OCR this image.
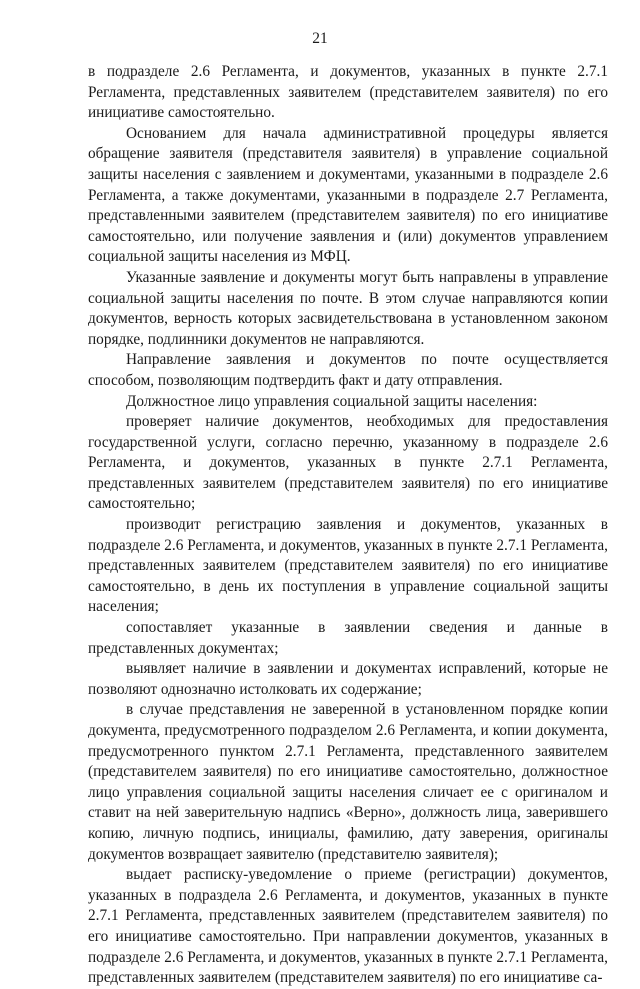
21

в подразделе 2.6 Регламента, и документов, указанных в пункте 2.7.1 Регламента, представленных заявителем (представителем заявителя) по его инициативе самостоятельно.

Основанием для начала административной процедуры является обращение заявителя (представителя заявителя) в управление социальной защиты населения с заявлением и документами, указанными в подразделе 2.6 Регламента, а также документами, указанными в подразделе 2.7 Регламента, представленными заявителем (представителем заявителя) по его инициативе самостоятельно, или получение заявления и (или) документов управлением социальной защиты населения из МФЦ.

Указанные заявление и документы могут быть направлены в управление социальной защиты населения по почте. В этом случае направляются копии документов, верность которых засвидетельствована в установленном законом порядке, подлинники документов не направляются.

Направление заявления и документов по почте осуществляется способом, позволяющим подтвердить факт и дату отправления.

Должностное лицо управления социальной защиты населения:

проверяет наличие документов, необходимых для предоставления государственной услуги, согласно перечню, указанному в подразделе 2.6 Регламента, и документов, указанных в пункте 2.7.1 Регламента, представленных заявителем (представителем заявителя) по его инициативе самостоятельно;

производит регистрацию заявления и документов, указанных в подразделе 2.6 Регламента, и документов, указанных в пункте 2.7.1 Регламента, представленных заявителем (представителем заявителя) по его инициативе самостоятельно, в день их поступления в управление социальной защиты населения;

сопоставляет указанные в заявлении сведения и данные в представленных документах;

выявляет наличие в заявлении и документах исправлений, которые не позволяют однозначно истолковать их содержание;

в случае представления не заверенной в установленном порядке копии документа, предусмотренного подразделом 2.6 Регламента, и копии документа, предусмотренного пунктом 2.7.1 Регламента, представленного заявителем (представителем заявителя) по его инициативе самостоятельно, должностное лицо управления социальной защиты населения сличает ее с оригиналом и ставит на ней заверительную надпись «Верно», должность лица, заверившего копию, личную подпись, инициалы, фамилию, дату заверения, оригиналы документов возвращает заявителю (представителю заявителя);

выдает расписку-уведомление о приеме (регистрации) документов, указанных в подраздела 2.6 Регламента, и документов, указанных в пункте 2.7.1 Регламента, представленных заявителем (представителем заявителя) по его инициативе самостоятельно. При направлении документов, указанных в подразделе 2.6 Регламента, и документов, указанных в пункте 2.7.1 Регламента, представленных заявителем (представителем заявителя) по его инициативе са-
